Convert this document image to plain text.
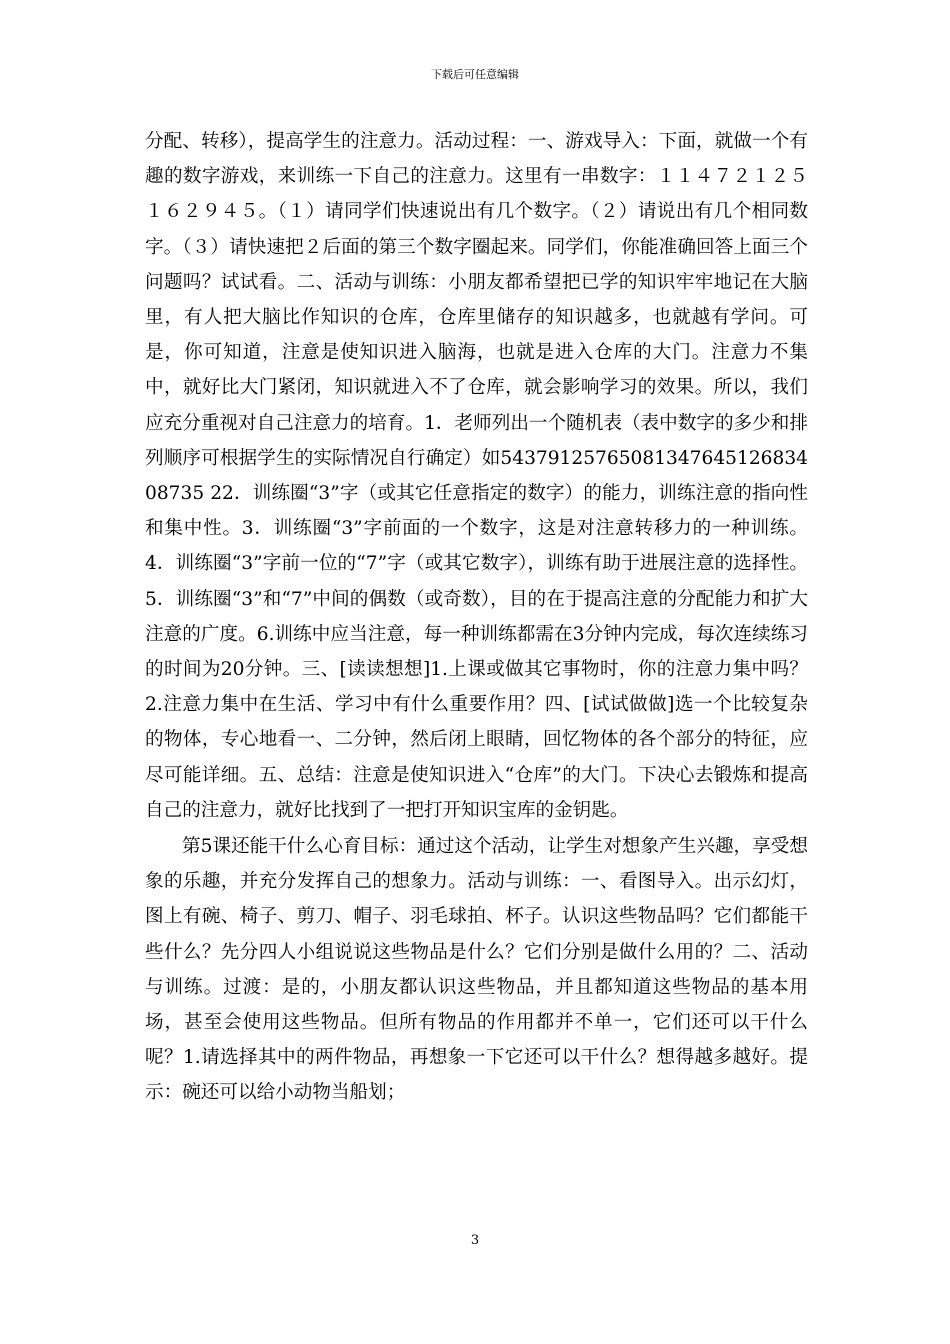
下载后可任意编辑

分配、转移），提高学生的注意力。活动过程：一、游戏导入：下面，就做一个有趣的数字游戏，来训练一下自己的注意力。这里有一串数字：１１４７２１２５１６２９４５。（１）请同学们快速说出有几个数字。（２）请说出有几个相同数字。（３）请快速把２后面的第三个数字圈起来。同学们，你能准确回答上面三个问题吗？试试看。二、活动与训练：小朋友都希望把已学的知识牢牢地记在大脑里，有人把大脑比作知识的仓库，仓库里储存的知识越多，也就越有学问。可是，你可知道，注意是使知识进入脑海，也就是进入仓库的大门。注意力不集中，就好比大门紧闭，知识就进入不了仓库，就会影响学习的效果。所以，我们应充分重视对自己注意力的培育。1．老师列出一个随机表（表中数字的多少和排列顺序可根据学生的实际情况自行确定）如5437912576508134764512683408735 22．训练圈“3”字（或其它任意指定的数字）的能力，训练注意的指向性和集中性。3．训练圈“3”字前面的一个数字，这是对注意转移力的一种训练。4．训练圈“3”字前一位的“7”字（或其它数字），训练有助于进展注意的选择性。5．训练圈“3”和“7”中间的偶数（或奇数），目的在于提高注意的分配能力和扩大注意的广度。6.训练中应当注意，每一种训练都需在3分钟内完成，每次连续练习的时间为20分钟。三、[读读想想]1.上课或做其它事物时，你的注意力集中吗？2.注意力集中在生活、学习中有什么重要作用？四、[试试做做]选一个比较复杂的物体，专心地看一、二分钟，然后闭上眼睛，回忆物体的各个部分的特征，应尽可能详细。五、总结：注意是使知识进入“仓库”的大门。下决心去锻炼和提高自己的注意力，就好比找到了一把打开知识宝库的金钥匙。

第5课还能干什么心育目标：通过这个活动，让学生对想象产生兴趣，享受想象的乐趣，并充分发挥自己的想象力。活动与训练：一、看图导入。出示幻灯，图上有碗、椅子、剪刀、帽子、羽毛球拍、杯子。认识这些物品吗？它们都能干些什么？先分四人小组说说这些物品是什么？它们分别是做什么用的？二、活动与训练。过渡：是的，小朋友都认识这些物品，并且都知道这些物品的基本用场，甚至会使用这些物品。但所有物品的作用都并不单一，它们还可以干什么呢？1.请选择其中的两件物品，再想象一下它还可以干什么？想得越多越好。提示：碗还可以给小动物当船划；

3
